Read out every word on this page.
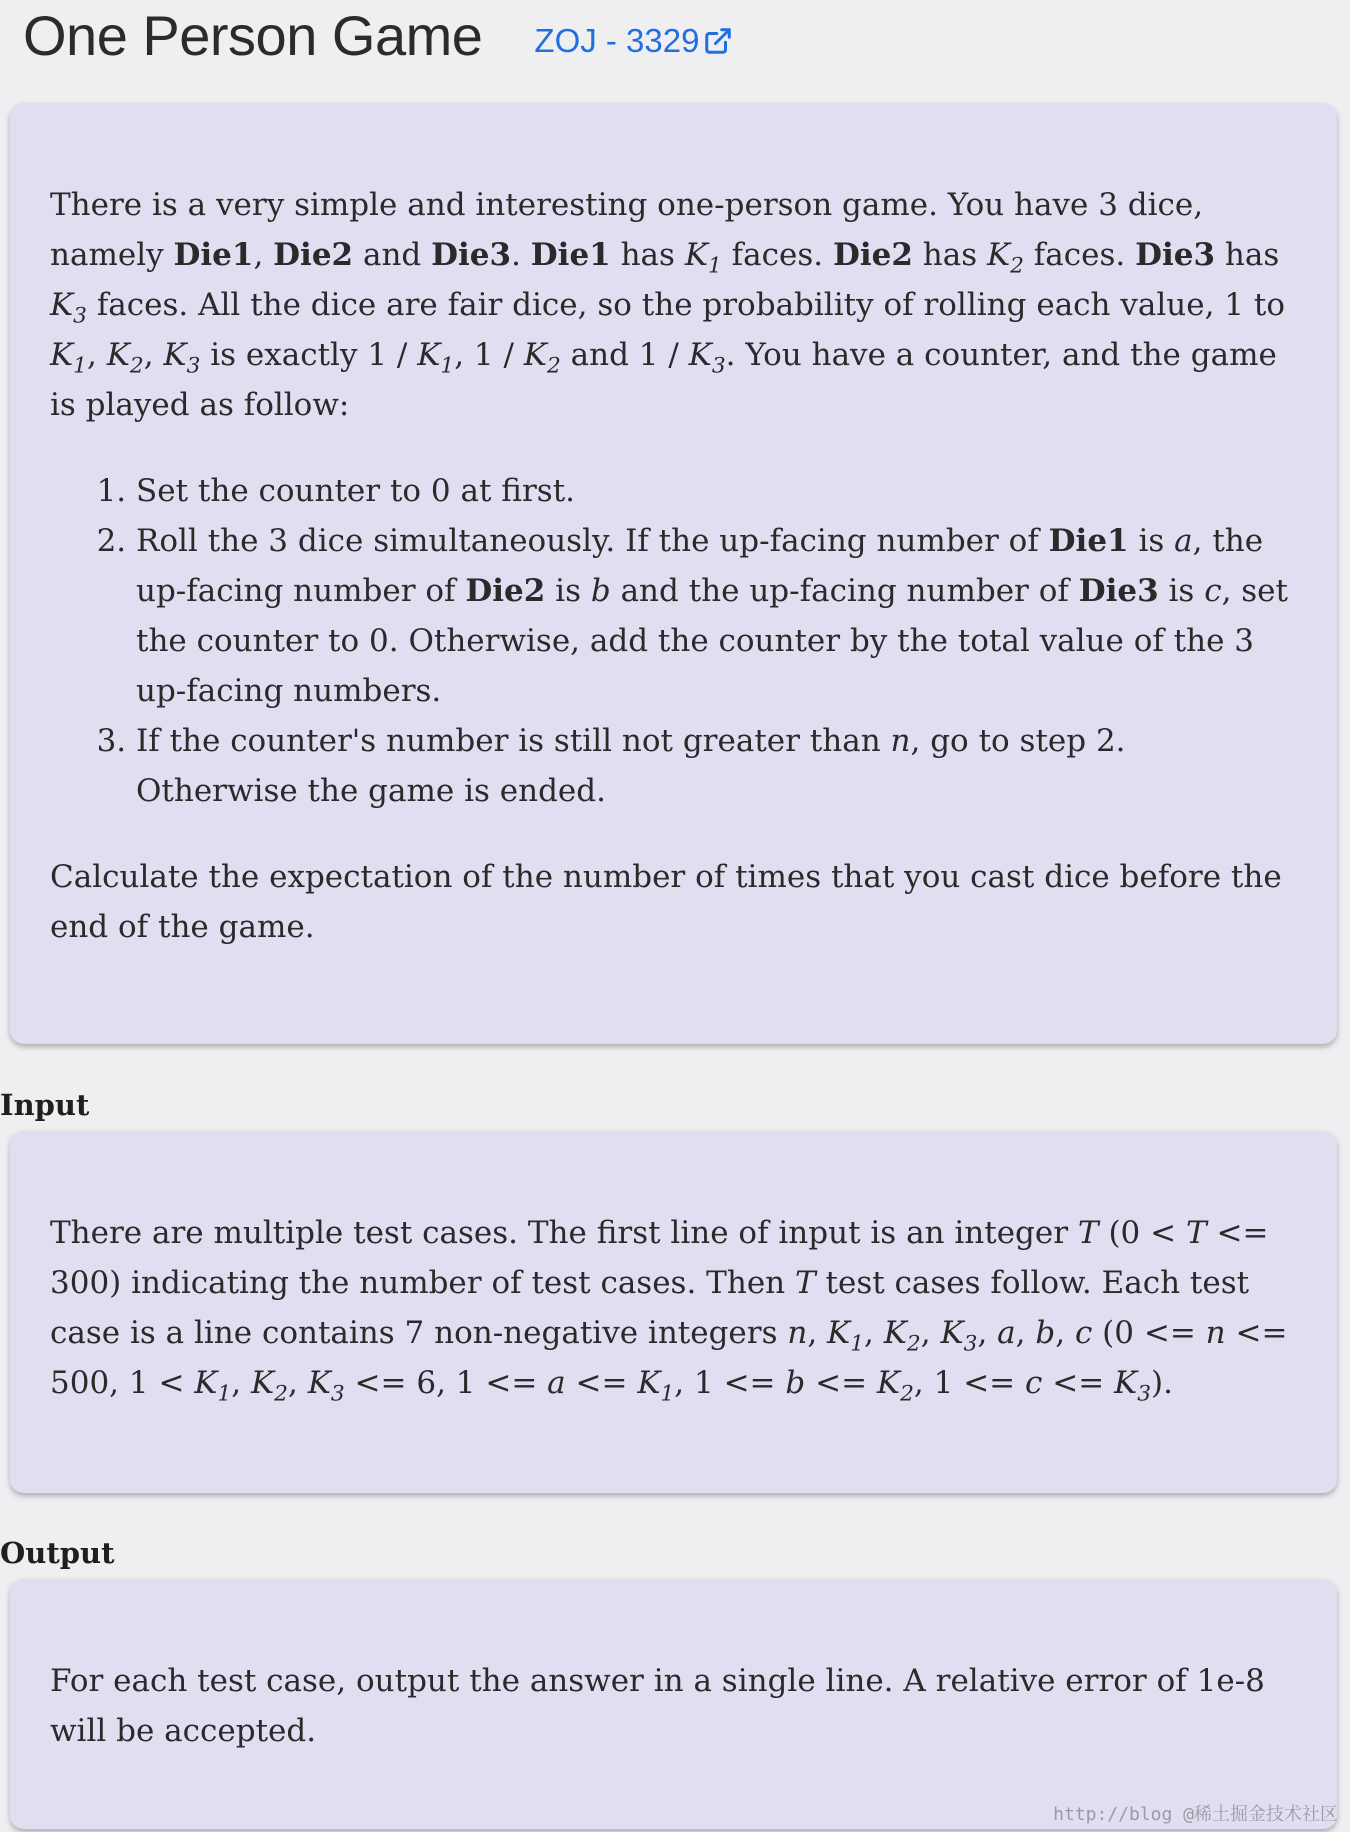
One Person Game ZOJ - 3329

There is a very simple and interesting one-person game. You have 3 dice, namely Die1, Die2 and Die3. Die1 has $K_1$ faces. Die2 has $K_2$ faces. Die3 has $K_3$ faces. All the dice are fair dice, so the probability of rolling each value, 1 to $K_1$, $K_2$, $K_3$ is exactly $1 / K_1$, $1 / K_2$ and $1 / K_3$. You have a counter, and the game is played as follow:

1. Set the counter to 0 at first.
2. Roll the 3 dice simultaneously. If the up-facing number of Die1 is a, the up-facing number of Die2 is b and the up-facing number of Die3 is c, set the counter to 0. Otherwise, add the counter by the total value of the 3 up-facing numbers.
3. If the counter's number is still not greater than n, go to step 2. Otherwise the game is ended.

Calculate the expectation of the number of times that you cast dice before the end of the game.

Input

There are multiple test cases. The first line of input is an integer T (0 < T <= 300) indicating the number of test cases. Then T test cases follow. Each test case is a line contains 7 non-negative integers n, $K_1$, $K_2$, $K_3$, a, b, c (0 <= n <= 500, $1 < K_1$, $K_2$, $K_3 <= 6$, $1 <= a <= K_1$, $1 <= b <= K_2$, $1 <= c <= K_3$).

Output

For each test case, output the answer in a single line. A relative error of 1e-8 will be accepted.

http://blog @稀土掘金技术社区
